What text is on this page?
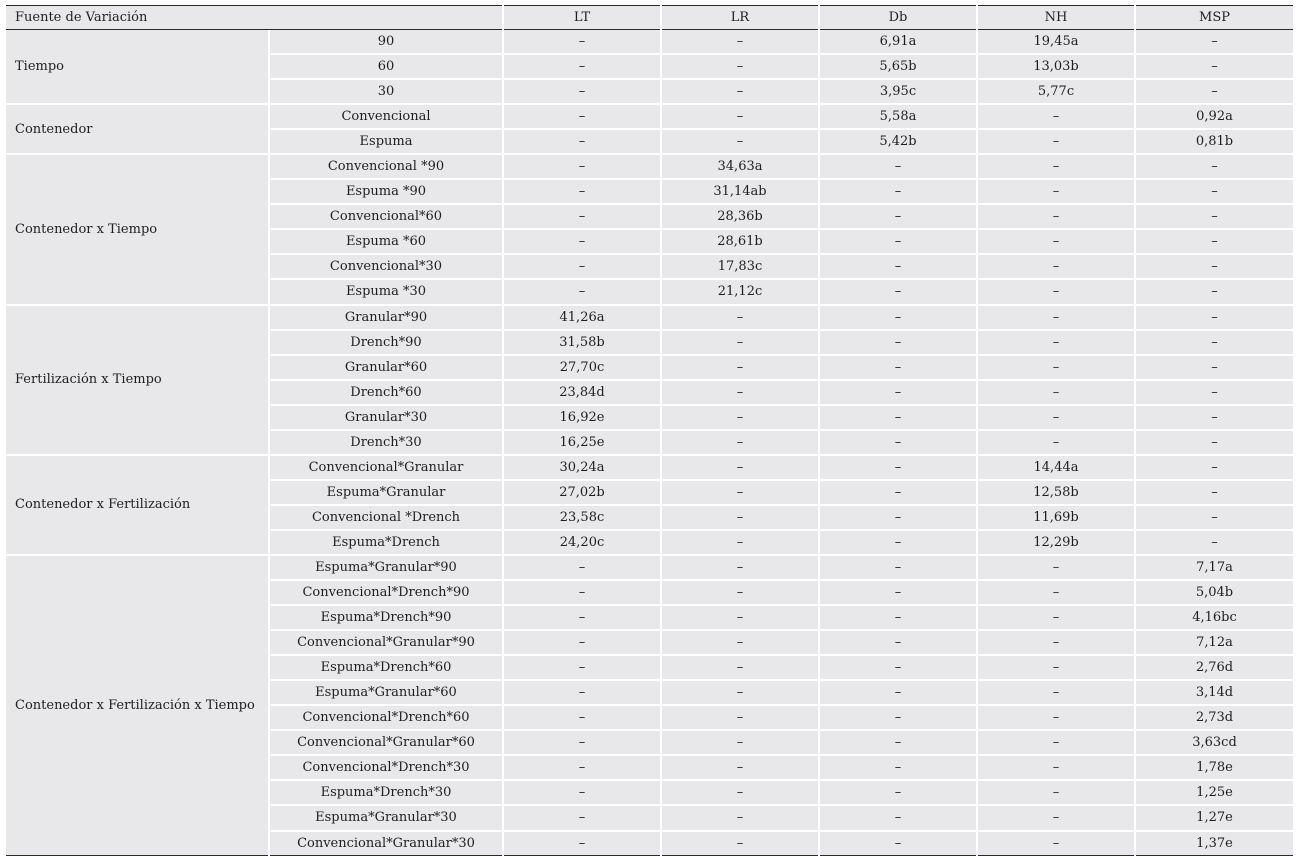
Fuente de Variación		LT	LR	Db	NH	MSP
Tiempo	90	–	–	6,91a	19,45a	–
	60	–	–	5,65b	13,03b	–
	30	–	–	3,95c	5,77c	–
Contenedor	Convencional	–	–	5,58a	–	0,92a
	Espuma	–	–	5,42b	–	0,81b
Contenedor x Tiempo	Convencional *90	–	34,63a	–	–	–
	Espuma *90	–	31,14ab	–	–	–
	Convencional*60	–	28,36b	–	–	–
	Espuma *60	–	28,61b	–	–	–
	Convencional*30	–	17,83c	–	–	–
	Espuma *30	–	21,12c	–	–	–
Fertilización x Tiempo	Granular*90	41,26a	–	–	–	–
	Drench*90	31,58b	–	–	–	–
	Granular*60	27,70c	–	–	–	–
	Drench*60	23,84d	–	–	–	–
	Granular*30	16,92e	–	–	–	–
	Drench*30	16,25e	–	–	–	–
Contenedor x Fertilización	Convencional*Granular	30,24a	–	–	14,44a	–
	Espuma*Granular	27,02b	–	–	12,58b	–
	Convencional *Drench	23,58c	–	–	11,69b	–
	Espuma*Drench	24,20c	–	–	12,29b	–
Contenedor x Fertilización x Tiempo	Espuma*Granular*90	–	–	–	–	7,17a
	Convencional*Drench*90	–	–	–	–	5,04b
	Espuma*Drench*90	–	–	–	–	4,16bc
	Convencional*Granular*90	–	–	–	–	7,12a
	Espuma*Drench*60	–	–	–	–	2,76d
	Espuma*Granular*60	–	–	–	–	3,14d
	Convencional*Drench*60	–	–	–	–	2,73d
	Convencional*Granular*60	–	–	–	–	3,63cd
	Convencional*Drench*30	–	–	–	–	1,78e
	Espuma*Drench*30	–	–	–	–	1,25e
	Espuma*Granular*30	–	–	–	–	1,27e
	Convencional*Granular*30	–	–	–	–	1,37e
